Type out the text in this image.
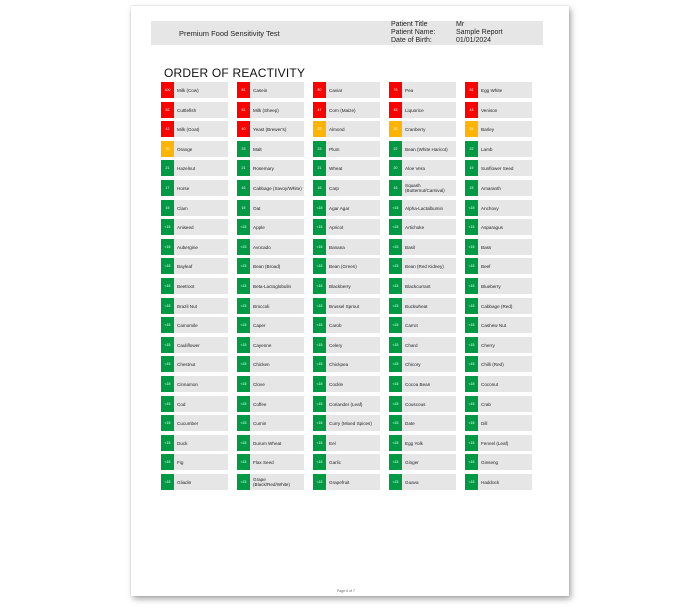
Premium Food Sensitivity Test
Patient Title
Patient Name:
Date of Birth:
Mr
Sample Report
01/01/2024
ORDER OF REACTIVITY
100	Milk (Cow)	81	Casein	80	Caviar	76	Pea	52	Egg White
52	Cuttlefish	51	Milk (Sheep)	47	Corn (Maize)	45	Liquorice	43	Venison
42	Milk (Goat)	40	Yeast (Brewer's)	33	Almond	33	Cranberry	31	Barley
30	Orange	23	Malt	23	Plum	22	Bean (White Haricot)	22	Lamb
21	Hazelnut	21	Rosemary	21	Wheat	20	Aloe Vera	19	Sunflower Seed
17	Horse	16	Cabbage (Savoy/White)	16	Carp	16	Squash (Butternut/Carnival)	15	Amaranth
15	Clam	15	Oat	<15	Agar Agar	<15	Alpha-Lactalbumin	<15	Anchovy
<15	Aniseed	<15	Apple	<15	Apricot	<15	Artichoke	<15	Asparagus
<15	Aubergine	<15	Avocado	<15	Banana	<15	Basil	<15	Bass
<15	Bayleaf	<15	Bean (Broad)	<15	Bean (Green)	<15	Bean (Red Kidney)	<15	Beef
<15	Beetroot	<15	Beta-Lactoglobulin	<15	Blackberry	<15	Blackcurrant	<15	Blueberry
<15	Brazil Nut	<15	Broccoli	<15	Brussel Sprout	<15	Buckwheat	<15	Cabbage (Red)
<15	Camomile	<15	Caper	<15	Carob	<15	Carrot	<15	Cashew Nut
<15	Cauliflower	<15	Cayenne	<15	Celery	<15	Chard	<15	Cherry
<15	Chestnut	<15	Chicken	<15	Chickpea	<15	Chicory	<15	Chilli (Red)
<15	Cinnamon	<15	Clove	<15	Cockle	<15	Cocoa Bean	<15	Coconut
<15	Cod	<15	Coffee	<15	Coriander (Leaf)	<15	Couscous	<15	Crab
<15	Cucumber	<15	Cumin	<15	Curry (Mixed Spices)	<15	Date	<15	Dill
<15	Duck	<15	Durum Wheat	<15	Eel	<15	Egg Yolk	<15	Fennel (Leaf)
<15	Fig	<15	Flax Seed	<15	Garlic	<15	Ginger	<15	Ginseng
<15	Gliadin	<15	Grape (Black/Red/White)	<15	Grapefruit	<15	Guava	<15	Haddock
Page 6 of 7
